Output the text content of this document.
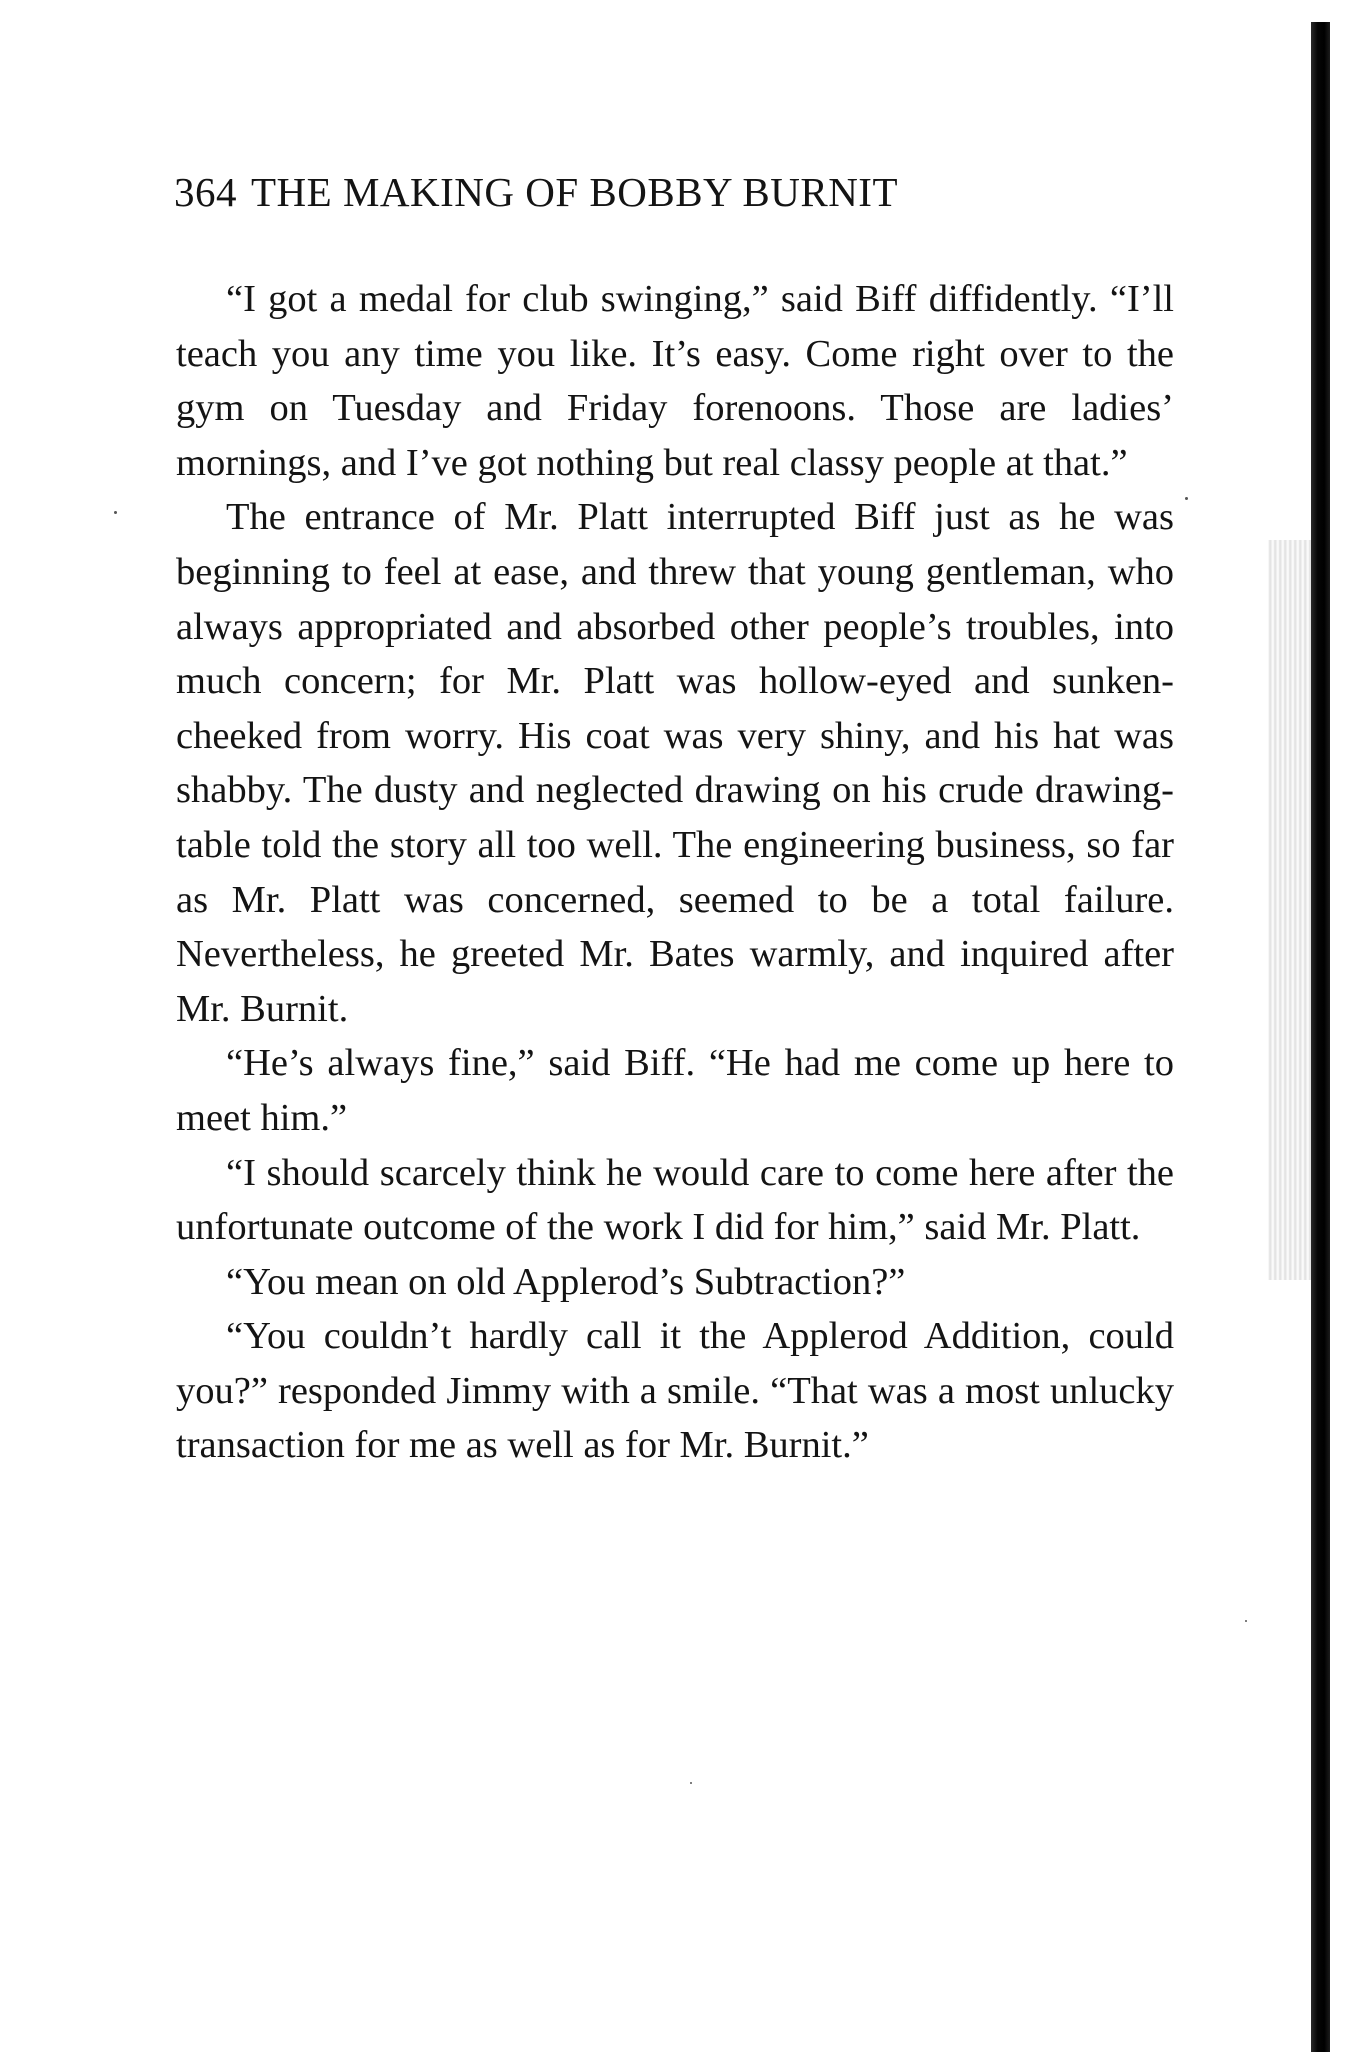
364 THE MAKING OF BOBBY BURNIT

“I got a medal for club swinging,” said Biff diffidently. “I’ll teach you any time you like. It’s easy. Come right over to the gym on Tuesday and Friday forenoons. Those are ladies’ mornings, and I’ve got nothing but real classy people at that.”

The entrance of Mr. Platt interrupted Biff just as he was beginning to feel at ease, and threw that young gentleman, who always appropriated and absorbed other people’s troubles, into much concern; for Mr. Platt was hollow-eyed and sunken-cheeked from worry. His coat was very shiny, and his hat was shabby. The dusty and neglected drawing on his crude drawing-table told the story all too well. The engineering business, so far as Mr. Platt was concerned, seemed to be a total failure. Nevertheless, he greeted Mr. Bates warmly, and inquired after Mr. Burnit.

“He’s always fine,” said Biff. “He had me come up here to meet him.”

“I should scarcely think he would care to come here after the unfortunate outcome of the work I did for him,” said Mr. Platt.

“You mean on old Applerod’s Subtraction?”

“You couldn’t hardly call it the Applerod Addition, could you?” responded Jimmy with a smile. “That was a most unlucky transaction for me as well as for Mr. Burnit.”
